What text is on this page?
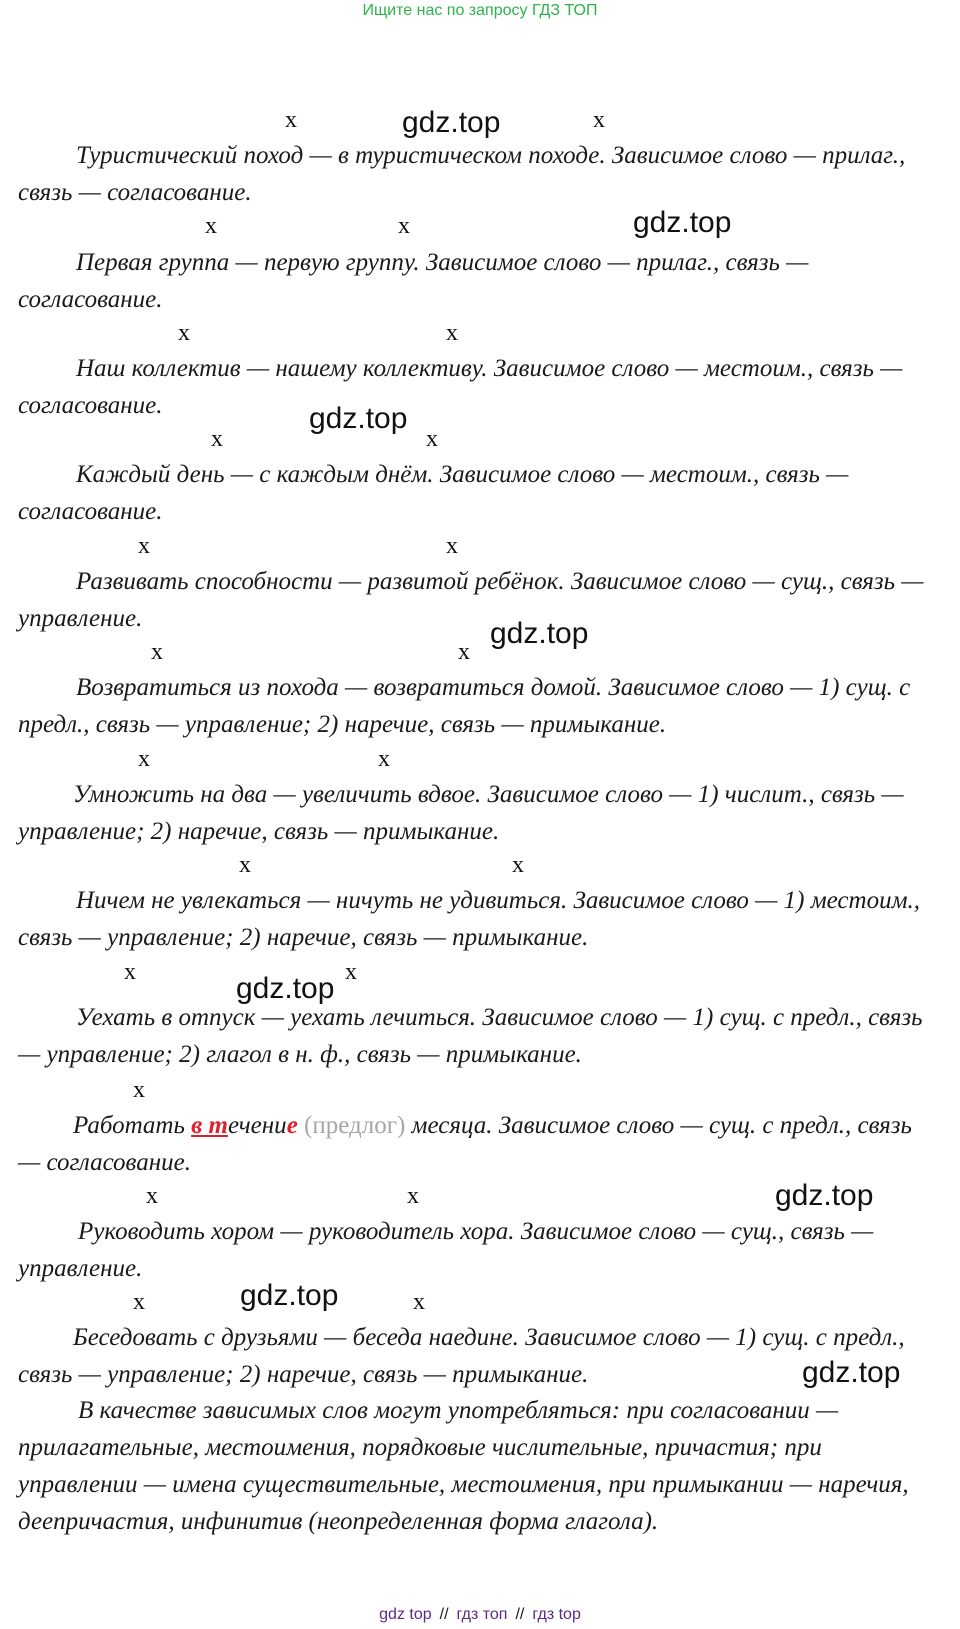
Ищите нас по запросу ГДЗ ТОП
x	gdz.top	x
Туристический поход — в туристическом походе. Зависимое слово — прилаг., связь — согласование.
x	x	gdz.top
Первая группа — первую группу. Зависимое слово — прилаг., связь — согласование.
x	x
Наш коллектив — нашему коллективу. Зависимое слово — местоим., связь — согласование.	gdz.top
x	x
Каждый день — с каждым днём. Зависимое слово — местоим., связь — согласование.
x	x
Развивать способности — развитой ребёнок. Зависимое слово — сущ., связь — управление.	gdz.top
x	x
Возвратиться из похода — возвратиться домой. Зависимое слово — 1) сущ. с предл., связь — управление; 2) наречие, связь — примыкание.
x	x
Умножить на два — увеличить вдвое. Зависимое слово — 1) числит., связь — управление; 2) наречие, связь — примыкание.
x	x
Ничем не увлекаться — ничуть не удивиться. Зависимое слово — 1) местоим., связь — управление; 2) наречие, связь — примыкание.
x	gdz.top x
Уехать в отпуск — уехать лечиться. Зависимое слово — 1) сущ. с предл., связь — управление; 2) глагол в н. ф., связь — примыкание.
x
Работать в течение (предлог) месяца. Зависимое слово — сущ. с предл., связь — согласование.
x	x	gdz.top
Руководить хором — руководитель хора. Зависимое слово — сущ., связь — управление.
gdz.top
x	x
Беседовать с друзьями — беседа наедине. Зависимое слово — 1) сущ. с предл., связь — управление; 2) наречие, связь — примыкание.	gdz.top
В качестве зависимых слов могут употребляться: при согласовании — прилагательные, местоимения, порядковые числительные, причастия; при управлении — имена существительные, местоимения, при примыкании — наречия, деепричастия, инфинитив (неопределенная форма глагола).
gdz top // гдз топ // гдз top
